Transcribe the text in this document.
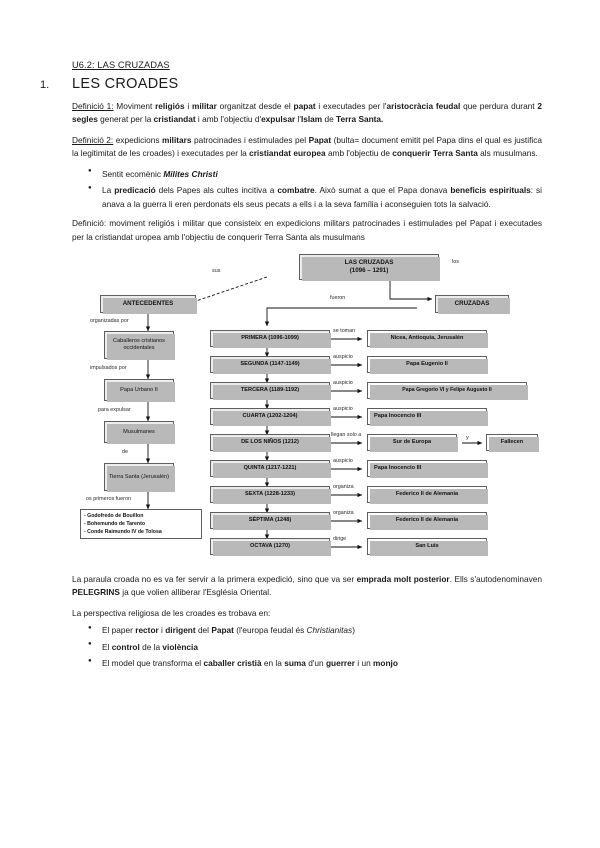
U6.2: LAS CRUZADAS
1.	LES CROADES

Definició 1: Moviment religiós i militar organitzat desde el papat i executades per l'aristocràcia feudal que perdura durant 2 segles generat per la cristiandat i amb l'objectiu d'expulsar l'Islam de Terra Santa.

Definició 2: expedicions militars patrocinades i estimulades pel Papat (bulta= document emitit pel Papa dins el qual es justifica la legitimitat de les croades) i executades per la cristiandat europea amb l'objectiu de conquerir Terra Santa als musulmans.

● Sentit ecomènic Milites Christi
● La predicació dels Papes als cultes incitiva a combatre. Això sumat a que el Papa donava beneficis espirituals: si anava a la guerra li eren perdonats els seus pecats a ells i a la seva família i aconseguien tots la salvació.

Definició: moviment religiós i militar que consisteix en expedicions militars patrocinades i estimulades pel Papat i executades per la cristiandat uropea amb l'objectiu de conquerir Terra Santa als musulmans

LAS CRUZADAS
(1096 – 1291)
sus
los
fueron
ANTECEDENTES	CRUZADAS
organizadas por
Caballeros cristianos occidentales
impulsados por
Papa Urbano II
para expulsar
Musulmanes
de
Tierra Santa (Jerusalén)
os primeros fueron
- Godofredo de Bouillon
- Bohemundo de Tarento
- Conde Raimundo IV de Tolosa
PRIMERA (1096-1099)
SEGUNDA (1147-1149)
TERCERA (1189-1192)
CUARTA (1202-1204)
DE LOS NIÑOS (1212)
QUINTA (1217-1221)
SEXTA (1228-1233)
SÉPTIMA (1248)
OCTAVA (1270)
se toman
auspicio
auspicio
auspicio
llegan solo a
auspicio
organiza
organiza
dirige
Nicea, Antioquia, Jerusalén
Papa Eugenio II
Papa Gregorio VI y Felipe Augusto II
Papa Inocencio III
Sur de Europa
Papa Inocencio III
Federico II de Alemania
Federico II de Alemania
San Luis
y
Fallecen

La paraula croada no es va fer servir a la primera expedició, sino que va ser emprada molt posterior. Ells s'autodenominaven PELEGRINS ja que volien alliberar l'Església Oriental.

La perspectiva religiosa de les croades es trobava en:

● El paper rector i dirigent del Papat (l'europa feudal és Christianitas)
● El control de la violència
● El model que transforma el caballer cristià en la suma d'un guerrer i un monjo
